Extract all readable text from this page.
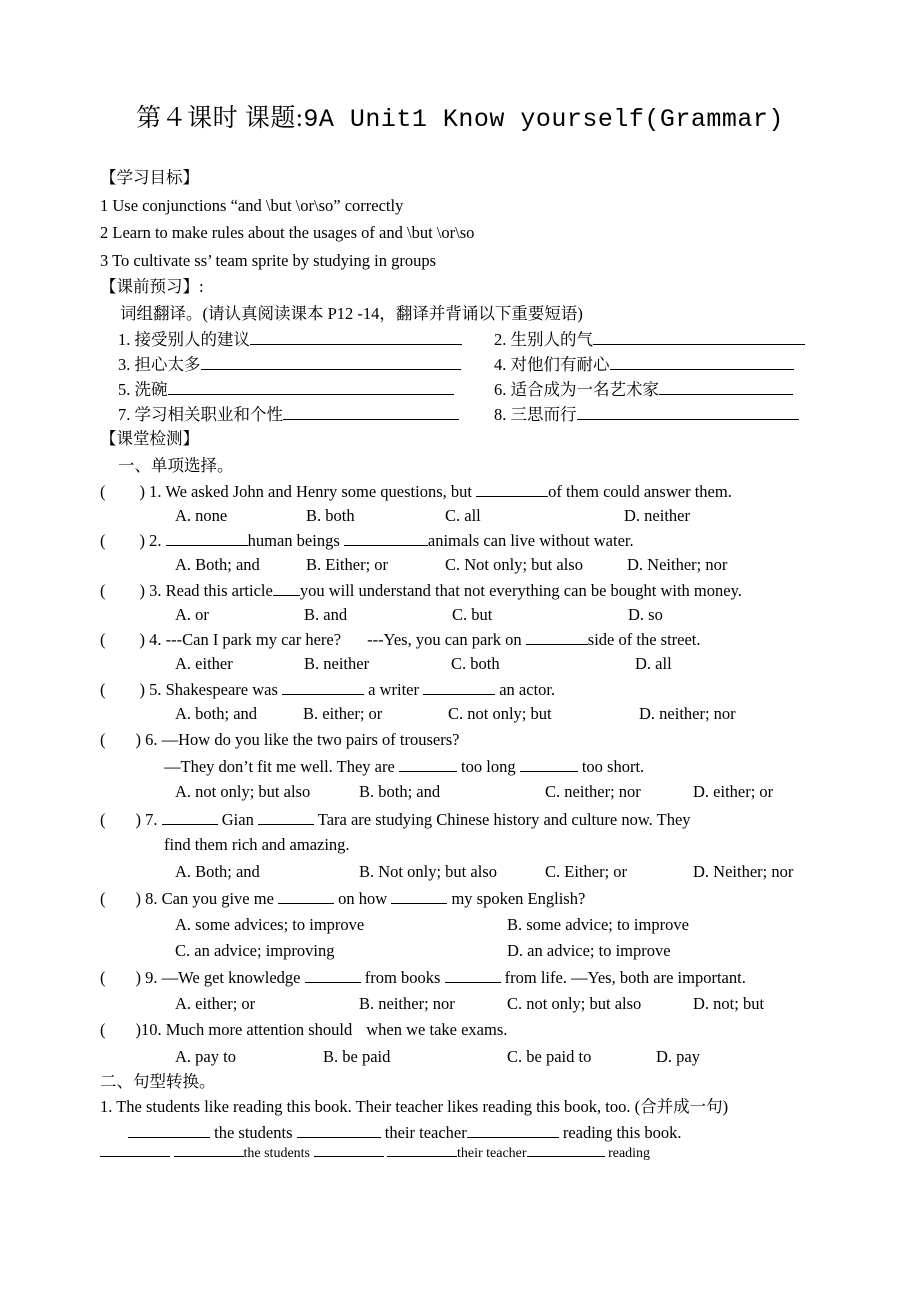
第４课时 课题:9A Unit1 Know yourself(Grammar)
【学习目标】
1 Use conjunctions “and \but \or\so” correctly
2 Learn to make rules about the usages of and \but \or\so
3 To cultivate ss’ team sprite by studying in groups
【课前预习】:
词组翻译。(请认真阅读课本 P12 -14，翻译并背诵以下重要短语)
1. 接受别人的建议	2. 生别人的气
3. 担心太多	4. 对他们有耐心
5. 洗碗	6. 适合成为一名艺术家
7. 学习相关职业和个性	8. 三思而行
【课堂检测】
一、单项选择。
( ) 1. We asked John and Henry some questions, but	of them could answer them.
A. none	B. both	C. all	D. neither
( ) 2.	human beings	animals can live without water.
A. Both; and	B. Either; or	C. Not only; but also	D. Neither; nor
( ) 3. Read this article you will understand that not everything can be bought with money.
A. or	B. and	C. but	D. so
( ) 4. ---Can I park my car here? ---Yes, you can park on	side of the street.
A. either	B. neither	C. both	D. all
( ) 5. Shakespeare was	a writer	an actor.
A. both; and	B. either; or	C. not only; but	D. neither; nor
( ) 6. —How do you like the two pairs of trousers?
—They don’t fit me well. They are	too long	too short.
A. not only; but also	B. both; and	C. neither; nor	D. either; or
( ) 7.	Gian	Tara are studying Chinese history and culture now. They
find them rich and amazing.
A. Both; and	B. Not only; but also	C. Either; or	D. Neither; nor
( ) 8. Can you give me	on how	my spoken English?
A. some advices; to improve	B. some advice; to improve
C. an advice; improving	D. an advice; to improve
( ) 9. —We get knowledge	from books	from life. —Yes, both are important.
A. either; or	B. neither; nor	C. not only; but also	D. not; but
( )10. Much more attention should when we take exams.
A. pay to	B. be paid	C. be paid to	D. pay
二、句型转换。
1. The students like reading this book. Their teacher likes reading this book, too. (合并成一句)
the students	their teacher	reading this book.
the students	their teacher	reading
